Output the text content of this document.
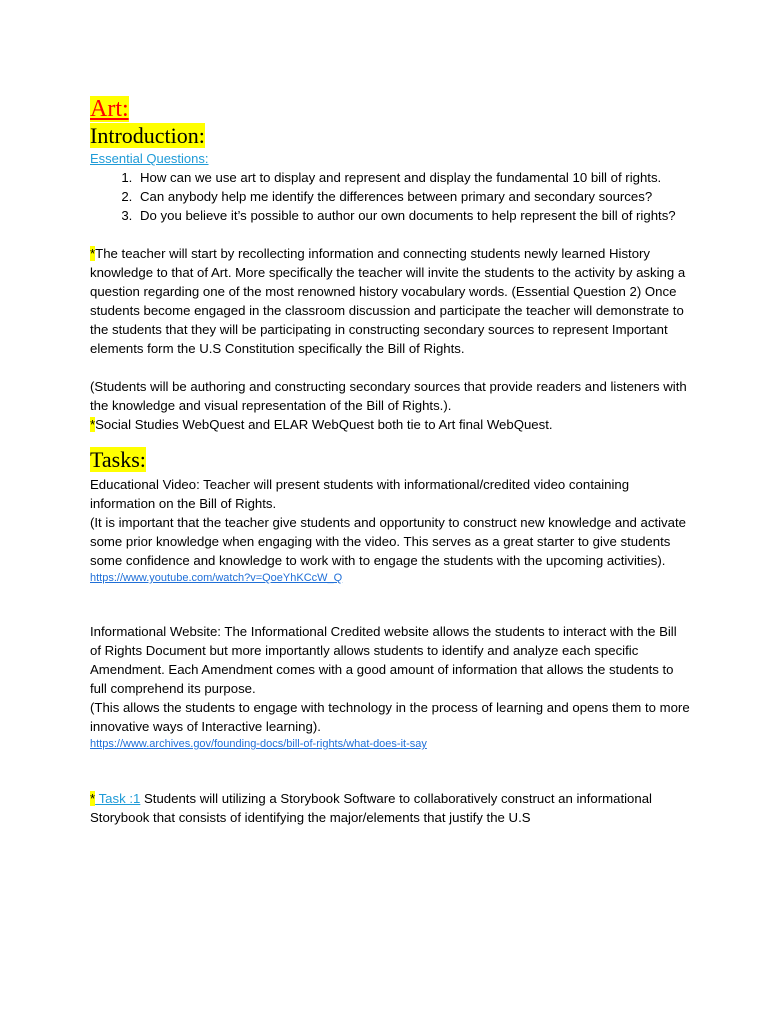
Art:
Introduction:
Essential Questions:
1. How can we use art to display and represent and display the fundamental 10 bill of rights.
2. Can anybody help me identify the differences between primary and secondary sources?
3. Do you believe it’s possible to author our own documents to help represent the bill of rights?

*The teacher will start by recollecting information and connecting students newly learned History knowledge to that of Art. More specifically the teacher will invite the students to the activity by asking a question regarding one of the most renowned history vocabulary words. (Essential Question 2) Once students become engaged in the classroom discussion and participate the teacher will demonstrate to the students that they will be participating in constructing secondary sources to represent Important elements form the U.S Constitution specifically the Bill of Rights.

(Students will be authoring and constructing secondary sources that provide readers and listeners with the knowledge and visual representation of the Bill of Rights.).

*Social Studies WebQuest and ELAR WebQuest both tie to Art final WebQuest.

Tasks:

Educational Video: Teacher will present students with informational/credited video containing information on the Bill of Rights.

(It is important that the teacher give students and opportunity to construct new knowledge and activate some prior knowledge when engaging with the video. This serves as a great starter to give students some confidence and knowledge to work with to engage the students with the upcoming activities).

https://www.youtube.com/watch?v=QoeYhKCcW_Q

Informational Website: The Informational Credited website allows the students to interact with the Bill of Rights Document but more importantly allows students to identify and analyze each specific Amendment. Each Amendment comes with a good amount of information that allows the students to full comprehend its purpose.

(This allows the students to engage with technology in the process of learning and opens them to more innovative ways of Interactive learning).

https://www.archives.gov/founding-docs/bill-of-rights/what-does-it-say

* Task :1 Students will utilizing a Storybook Software to collaboratively construct an informational Storybook that consists of identifying the major/elements that justify the U.S
